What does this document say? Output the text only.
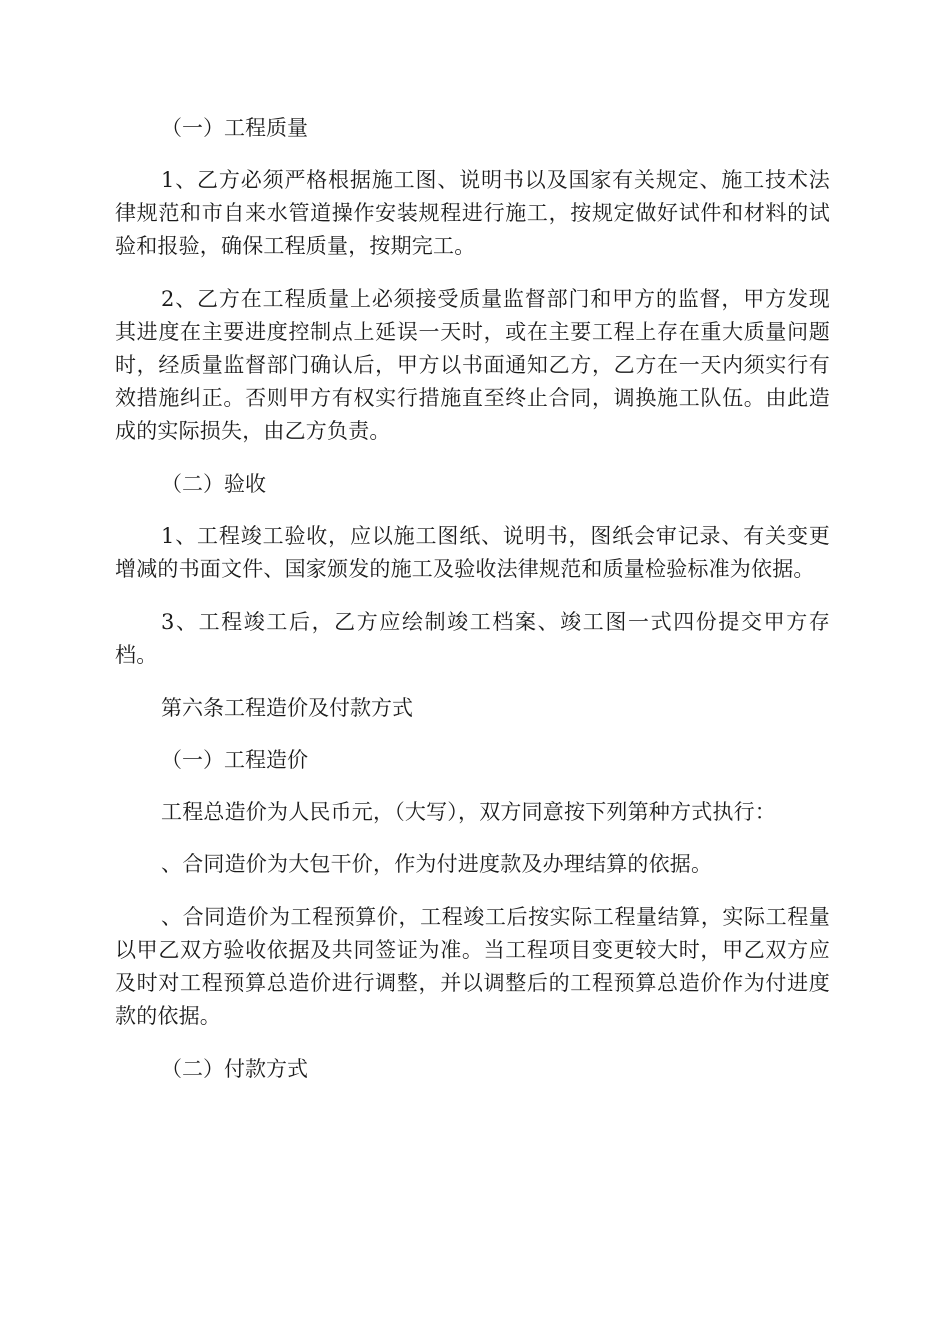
（一）工程质量

1、乙方必须严格根据施工图、说明书以及国家有关规定、施工技术法律规范和市自来水管道操作安装规程进行施工，按规定做好试件和材料的试验和报验，确保工程质量，按期完工。

2、乙方在工程质量上必须接受质量监督部门和甲方的监督，甲方发现其进度在主要进度控制点上延误一天时，或在主要工程上存在重大质量问题时，经质量监督部门确认后，甲方以书面通知乙方，乙方在一天内须实行有效措施纠正。否则甲方有权实行措施直至终止合同，调换施工队伍。由此造成的实际损失，由乙方负责。

（二）验收

1、工程竣工验收，应以施工图纸、说明书，图纸会审记录、有关变更增减的书面文件、国家颁发的施工及验收法律规范和质量检验标准为依据。

3、工程竣工后，乙方应绘制竣工档案、竣工图一式四份提交甲方存档。

第六条工程造价及付款方式

（一）工程造价

工程总造价为人民币元，（大写），双方同意按下列第种方式执行：

、合同造价为大包干价，作为付进度款及办理结算的依据。

、合同造价为工程预算价，工程竣工后按实际工程量结算，实际工程量以甲乙双方验收依据及共同签证为准。当工程项目变更较大时，甲乙双方应及时对工程预算总造价进行调整，并以调整后的工程预算总造价作为付进度款的依据。

（二）付款方式
